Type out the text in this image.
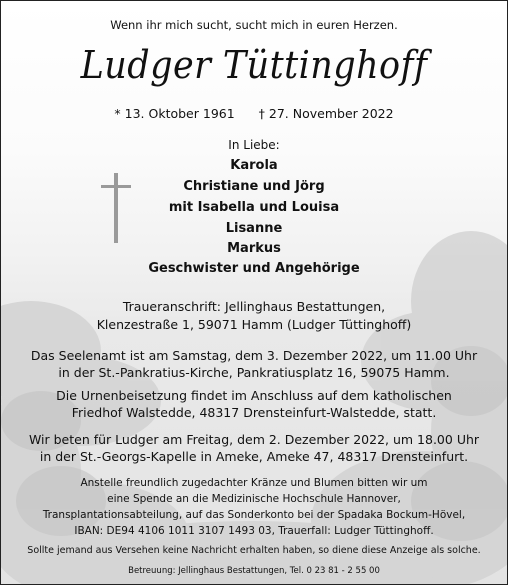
Wenn ihr mich sucht, sucht mich in euren Herzen.
Ludger Tüttinghoff
* 13. Oktober 1961 † 27. November 2022
In Liebe:
Karola
Christiane und Jörg
mit Isabella und Louisa
Lisanne
Markus
Geschwister und Angehörige
Traueranschrift: Jellinghaus Bestattungen,
Klenzestraße 1, 59071 Hamm (Ludger Tüttinghoff)
Das Seelenamt ist am Samstag, dem 3. Dezember 2022, um 11.00 Uhr
in der St.-Pankratius-Kirche, Pankratiusplatz 16, 59075 Hamm.
Die Urnenbeisetzung findet im Anschluss auf dem katholischen
Friedhof Walstedde, 48317 Drensteinfurt-Walstedde, statt.
Wir beten für Ludger am Freitag, dem 2. Dezember 2022, um 18.00 Uhr
in der St.-Georgs-Kapelle in Ameke, Ameke 47, 48317 Drensteinfurt.
Anstelle freundlich zugedachter Kränze und Blumen bitten wir um
eine Spende an die Medizinische Hochschule Hannover,
Transplantationsabteilung, auf das Sonderkonto bei der Spadaka Bockum-Hövel,
IBAN: DE94 4106 1011 3107 1493 03, Trauerfall: Ludger Tüttinghoff.
Sollte jemand aus Versehen keine Nachricht erhalten haben, so diene diese Anzeige als solche.
Betreuung: Jellinghaus Bestattungen, Tel. 0 23 81 - 2 55 00
